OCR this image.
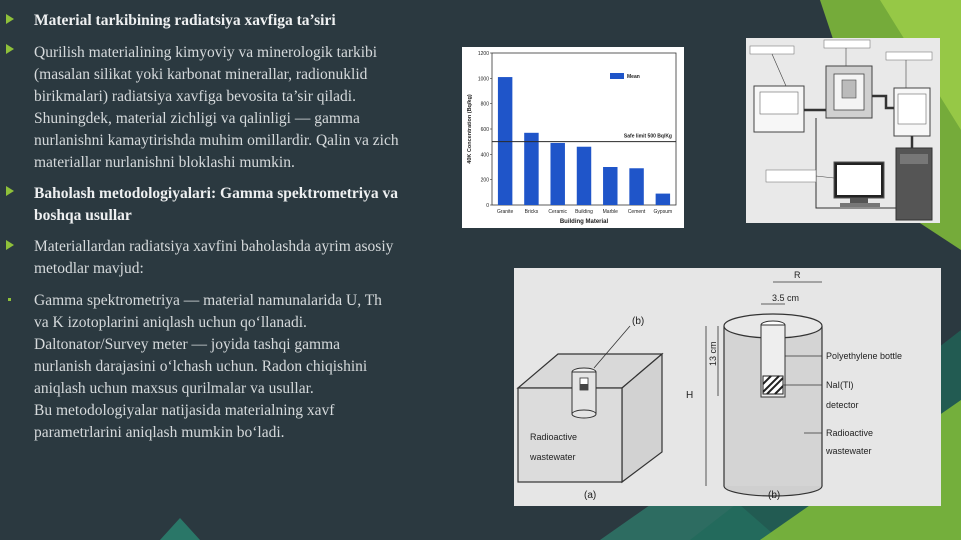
Material tarkibining radiatsiya xavfiga ta’siri
Qurilish materialining kimyoviy va minerologik tarkibi
(masalan silikat yoki karbonat minerallar, radionuklid
birikmalari) radiatsiya xavfiga bevosita ta’sir qiladi.
Shuningdek, material zichligi va qalinligi — gamma
nurlanishni kamaytirishda muhim omillardir. Qalin va zich
materiallar nurlanishni bloklashi mumkin.
Baholash metodologiyalari: Gamma spektrometriya va
boshqa usullar
Materiallardan radiatsiya xavfini baholashda ayrim asosiy
metodlar mavjud:
Gamma spektrometriya — material namunalarida U, Th
va K izotoplarini aniqlash uchun qo‘llanadi.
Daltonator/Survey meter — joyida tashqi gamma
nurlanish darajasini o‘lchash uchun. Radon chiqishini
aniqlash uchun maxsus qurilmalar va usullar.
Bu metodologiyalar natijasida materialning xavf
parametrlarini aniqlash mumkin bo‘ladi.
0
200
400
600
800
1000
1200
Granite Bricks Ceramic Building Marble Cement Gypsum
Safe limit 500 Bq/Kg
Mean
Building Material
40K Concentration (Bq/kg)
(b)
Radioactive
wastewater
(a)
H
13 cm
R
3.5 cm
Polyethylene bottle
NaI(Tl)
detector
Radioactive
wastewater
(b)
